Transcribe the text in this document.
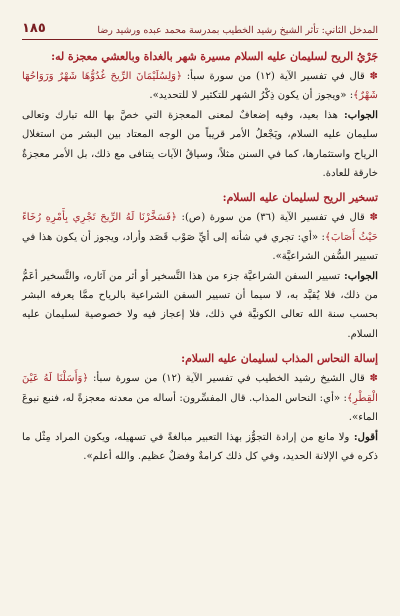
المدخل الثاني: تأثر الشيخ رشيد الخطيب بمدرسة محمد عبده ورشيد رضا
١٨٥
جَرْيُ الريح لسليمان عليه السلام مسيرة شهر بالغداة وبالعشي معجزة له:

✽ قال في تفسير الآية (١٢) من سورة سبأ: ﴿وَلِسُلَيْمَانَ الرِّيحَ غُدُوُّهَا شَهْرٌ وَرَوَاحُهَا شَهْرٌ﴾: «ويجوز أن يكون ذِكْرُ الشهر للتكثير لا للتحديد».

الجواب: هذا بعيد، وفيه إضعافٌ لمعنى المعجزة التي خصَّ بها الله تبارك وتعالى سليمان عليه السلام، ويَجْعلُ الأمر قريباً من الوجه المعتاد بين البشر من استغلال الرياح واستثمارها، كما في السنن مثلاً، وسياقُ الآيات يتنافى مع ذلك، بل الأمر معجزةٌ خارقة للعادة.

تسخير الريح لسليمان عليه السلام:

✽ قال في تفسير الآية (٣٦) من سورة (ص): ﴿فَسَخَّرْنَا لَهُ الرِّيحَ تَجْرِي بِأَمْرِهِ رُخَاءً حَيْثُ أَصَابَ﴾: «أي: تجري في شأنه إلى أيِّ صَوْب قَصَد وأراد، ويجوز أن يكون هذا في تسيير السُّفن الشراعيَّة».

الجواب: تسيير السفن الشراعيَّة جزء من هذا التَّسخير أو أثر من آثاره، والتَّسخير أعَمُّ من ذلك، فلا يُقيَّد به، لا سيما أن تسيير السفن الشراعية بالرياح ممَّا يعرفه البشر بحسب سنة الله تعالى الكونيَّة في ذلك، فلا إعجاز فيه ولا خصوصية لسليمان عليه السلام.

إسالة النحاس المذاب لسليمان عليه السلام:

✽ قال الشيخ رشيد الخطيب في تفسير الآية (١٢) من سورة سبأ: ﴿وَأَسَلْنَا لَهُ عَيْنَ الْقِطْرِ﴾: «أي: النحاس المذاب. قال المفسِّرون: أساله من معدنه معجزةً له، فنبع نبوعَ الماء».

أقول: ولا مانع من إرادة التجوُّز بهذا التعبير مبالغةً في تسهيله، ويكون المراد مِثْل ما ذكره في الإلانة الحديد، وفي كل ذلك كرامةٌ وفضلٌ عظيم. والله أعلم».
